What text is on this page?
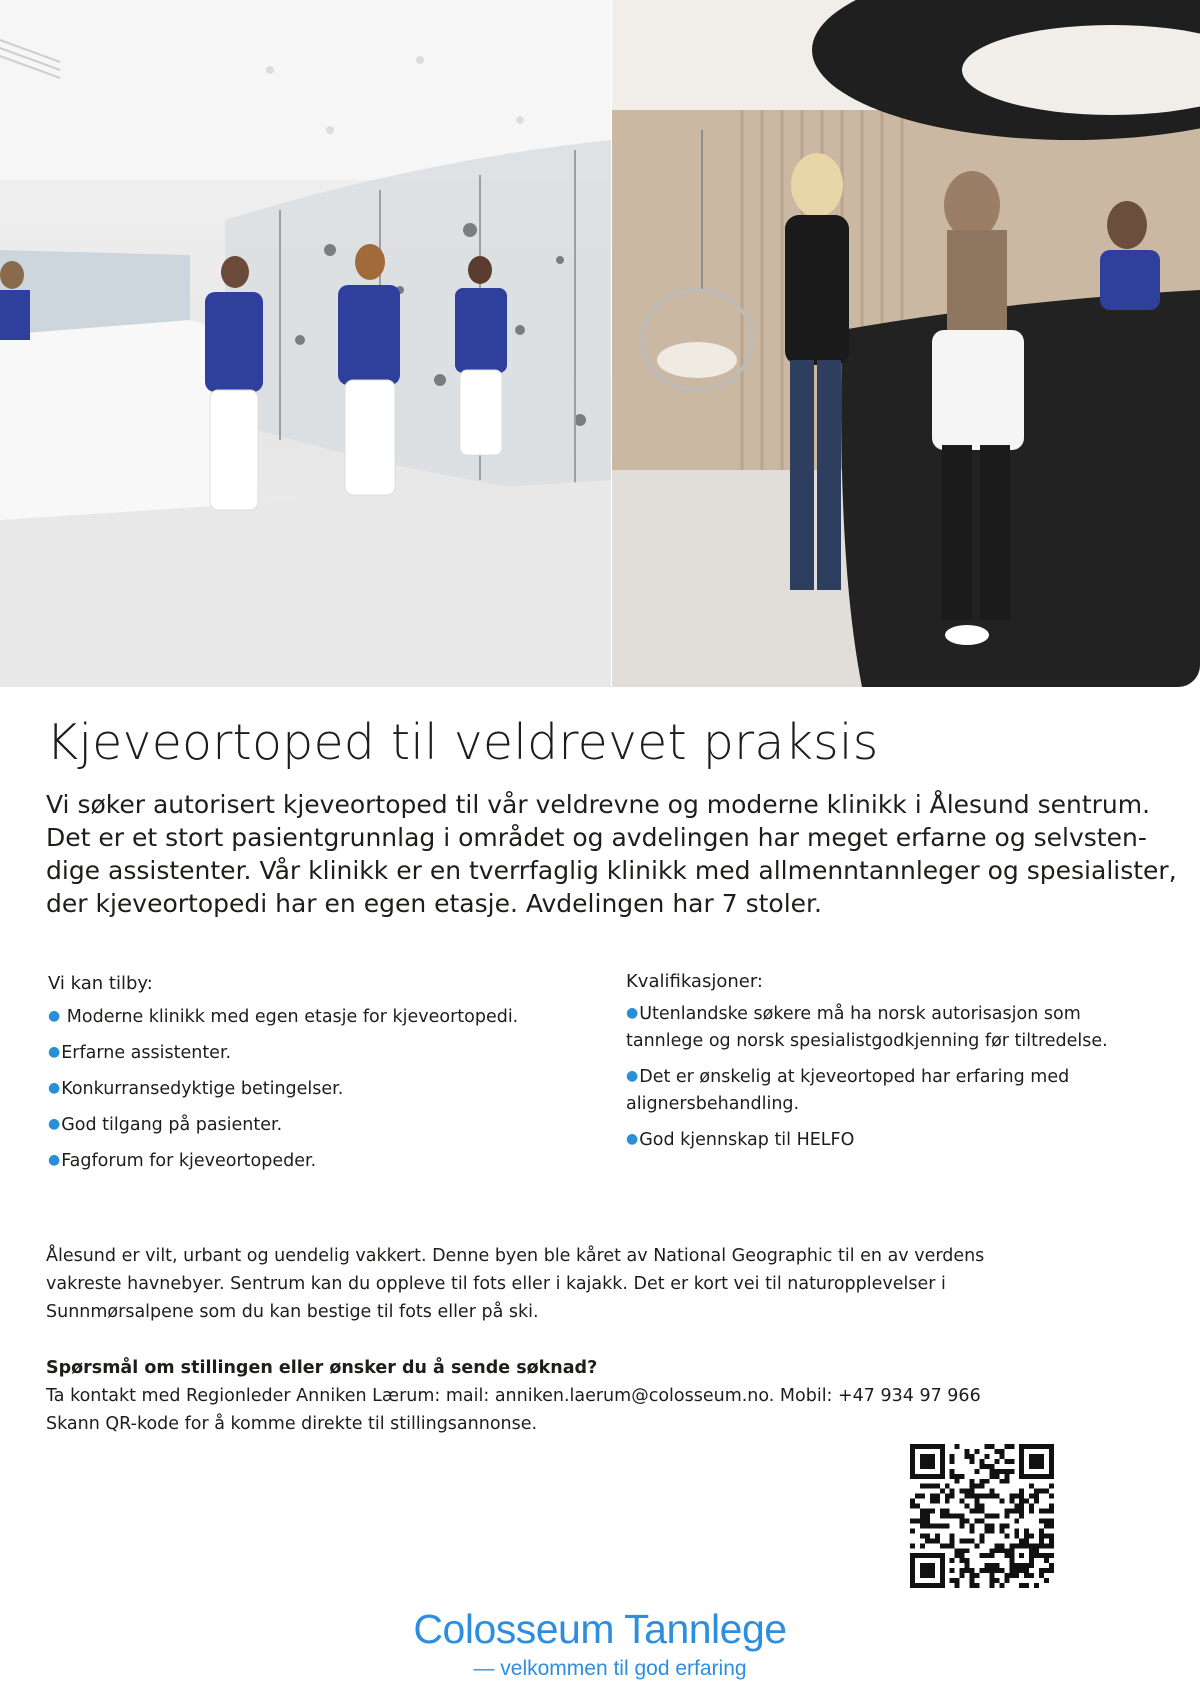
Kjeveortoped til veldrevet praksis
Vi søker autorisert kjeveortoped til vår veldrevne og moderne klinikk i Ålesund sentrum.
Det er et stort pasientgrunnlag i området og avdelingen har meget erfarne og selvsten-
dige assistenter. Vår klinikk er en tverrfaglig klinikk med allmenntannleger og spesialister,
der kjeveortopedi har en egen etasje. Avdelingen har 7 stoler.
Vi kan tilby:
● Moderne klinikk med egen etasje for kjeveortopedi.
●Erfarne assistenter.
●Konkurransedyktige betingelser.
●God tilgang på pasienter.
●Fagforum for kjeveortopeder.
Kvalifikasjoner:
●Utenlandske søkere må ha norsk autorisasjon som
tannlege og norsk spesialistgodkjenning før tiltredelse.
●Det er ønskelig at kjeveortoped har erfaring med
alignersbehandling.
●God kjennskap til HELFO
Ålesund er vilt, urbant og uendelig vakkert. Denne byen ble kåret av National Geographic til en av verdens
vakreste havnebyer. Sentrum kan du oppleve til fots eller i kajakk. Det er kort vei til naturopplevelser i
Sunnmørsalpene som du kan bestige til fots eller på ski.
Spørsmål om stillingen eller ønsker du å sende søknad?
Ta kontakt med Regionleder Anniken Lærum: mail: anniken.laerum@colosseum.no. Mobil: +47 934 97 966
Skann QR-kode for å komme direkte til stillingsannonse.
Colosseum Tannlege
— velkommen til god erfaring
